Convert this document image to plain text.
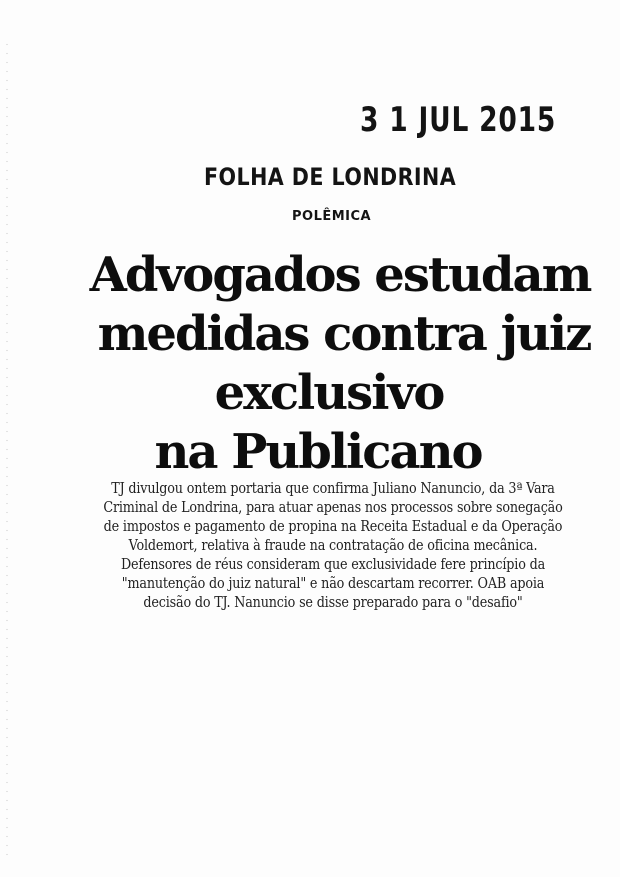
3 1 JUL 2015
FOLHA DE LONDRINA
POLÊMICA
Advogados estudam
medidas contra juiz
exclusivo
na Publicano

TJ divulgou ontem portaria que confirma Juliano Nanuncio, da 3ª Vara
Criminal de Londrina, para atuar apenas nos processos sobre sonegação
de impostos e pagamento de propina na Receita Estadual e da Operação
Voldemort, relativa à fraude na contratação de oficina mecânica.
Defensores de réus consideram que exclusividade fere princípio da
"manutenção do juiz natural" e não descartam recorrer. OAB apoia
decisão do TJ. Nanuncio se disse preparado para o "desafio"
